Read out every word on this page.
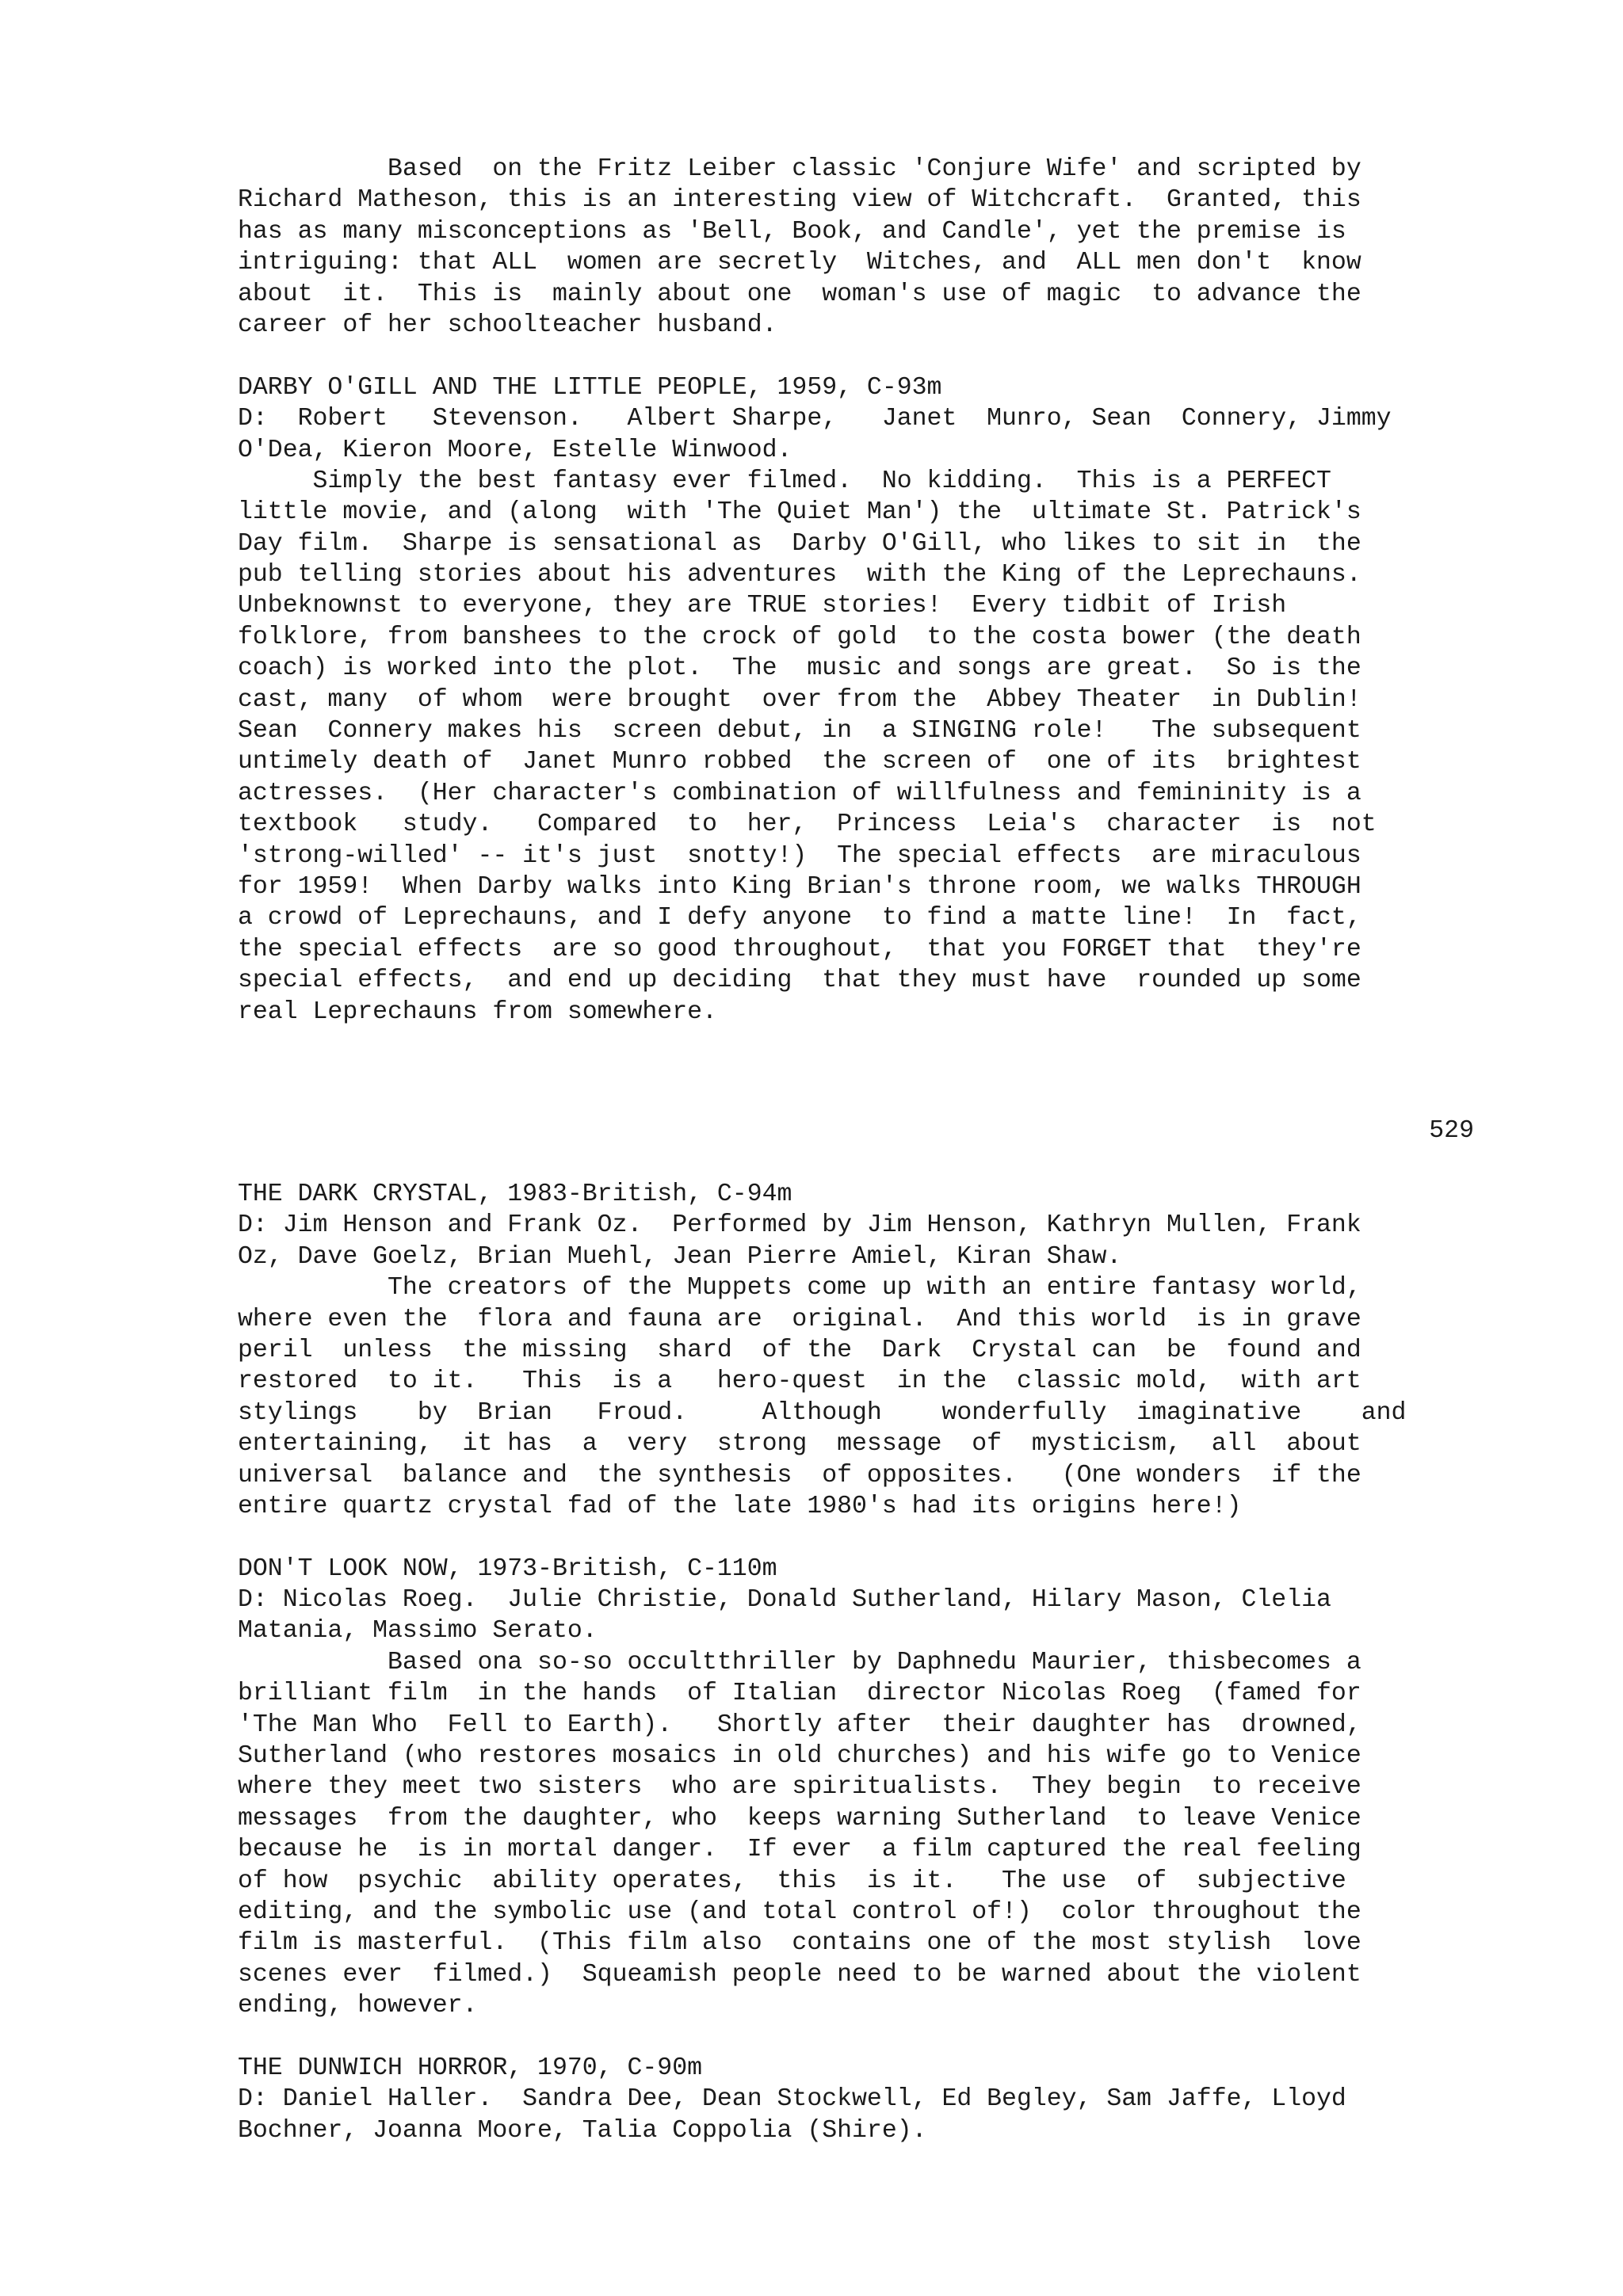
Based  on the Fritz Leiber classic 'Conjure Wife' and scripted by
Richard Matheson, this is an interesting view of Witchcraft.  Granted, this
has as many misconceptions as 'Bell, Book, and Candle', yet the premise is
intriguing: that ALL  women are secretly  Witches, and  ALL men don't  know
about  it.  This is  mainly about one  woman's use of magic  to advance the
career of her schoolteacher husband.
DARBY O'GILL AND THE LITTLE PEOPLE, 1959, C-93m
D:  Robert   Stevenson.   Albert Sharpe,   Janet  Munro, Sean  Connery, Jimmy
O'Dea, Kieron Moore, Estelle Winwood.
Simply the best fantasy ever filmed.  No kidding.  This is a PERFECT
little movie, and (along  with 'The Quiet Man') the  ultimate St. Patrick's
Day film.  Sharpe is sensational as  Darby O'Gill, who likes to sit in  the
pub telling stories about his adventures  with the King of the Leprechauns.
Unbeknownst to everyone, they are TRUE stories!  Every tidbit of Irish
folklore, from banshees to the crock of gold  to the costa bower (the death
coach) is worked into the plot.  The  music and songs are great.  So is the
cast, many  of whom  were brought  over from the  Abbey Theater  in Dublin!
Sean  Connery makes his  screen debut, in  a SINGING role!   The subsequent
untimely death of  Janet Munro robbed  the screen of  one of its  brightest
actresses.  (Her character's combination of willfulness and femininity is a
textbook   study.   Compared  to  her,  Princess  Leia's  character  is  not
'strong-willed' -- it's just  snotty!)  The special effects  are miraculous
for 1959!  When Darby walks into King Brian's throne room, we walks THROUGH
a crowd of Leprechauns, and I defy anyone  to find a matte line!  In  fact,
the special effects  are so good throughout,  that you FORGET that  they're
special effects,  and end up deciding  that they must have  rounded up some
real Leprechauns from somewhere.
529
THE DARK CRYSTAL, 1983-British, C-94m
D: Jim Henson and Frank Oz.  Performed by Jim Henson, Kathryn Mullen, Frank
Oz, Dave Goelz, Brian Muehl, Jean Pierre Amiel, Kiran Shaw.
The creators of the Muppets come up with an entire fantasy world,
where even the  flora and fauna are  original.  And this world  is in grave
peril  unless  the missing  shard  of the  Dark  Crystal can  be  found and
restored  to it.   This  is a   hero-quest  in the  classic mold,  with art
stylings    by  Brian   Froud.     Although    wonderfully  imaginative    and
entertaining,  it has  a  very  strong  message  of  mysticism,  all  about
universal  balance and  the synthesis  of opposites.   (One wonders  if the
entire quartz crystal fad of the late 1980's had its origins here!)
DON'T LOOK NOW, 1973-British, C-110m
D: Nicolas Roeg.  Julie Christie, Donald Sutherland, Hilary Mason, Clelia
Matania, Massimo Serato.
Based ona so-so occultthriller by Daphnedu Maurier, thisbecomes a
brilliant film  in the hands  of Italian  director Nicolas Roeg  (famed for
'The Man Who  Fell to Earth).   Shortly after  their daughter has  drowned,
Sutherland (who restores mosaics in old churches) and his wife go to Venice
where they meet two sisters  who are spiritualists.  They begin  to receive
messages  from the daughter, who  keeps warning Sutherland  to leave Venice
because he  is in mortal danger.  If ever  a film captured the real feeling
of how  psychic  ability operates,  this  is it.   The use  of  subjective
editing, and the symbolic use (and total control of!)  color throughout the
film is masterful.  (This film also  contains one of the most stylish  love
scenes ever  filmed.)  Squeamish people need to be warned about the violent
ending, however.
THE DUNWICH HORROR, 1970, C-90m
D: Daniel Haller.  Sandra Dee, Dean Stockwell, Ed Begley, Sam Jaffe, Lloyd
Bochner, Joanna Moore, Talia Coppolia (Shire).
